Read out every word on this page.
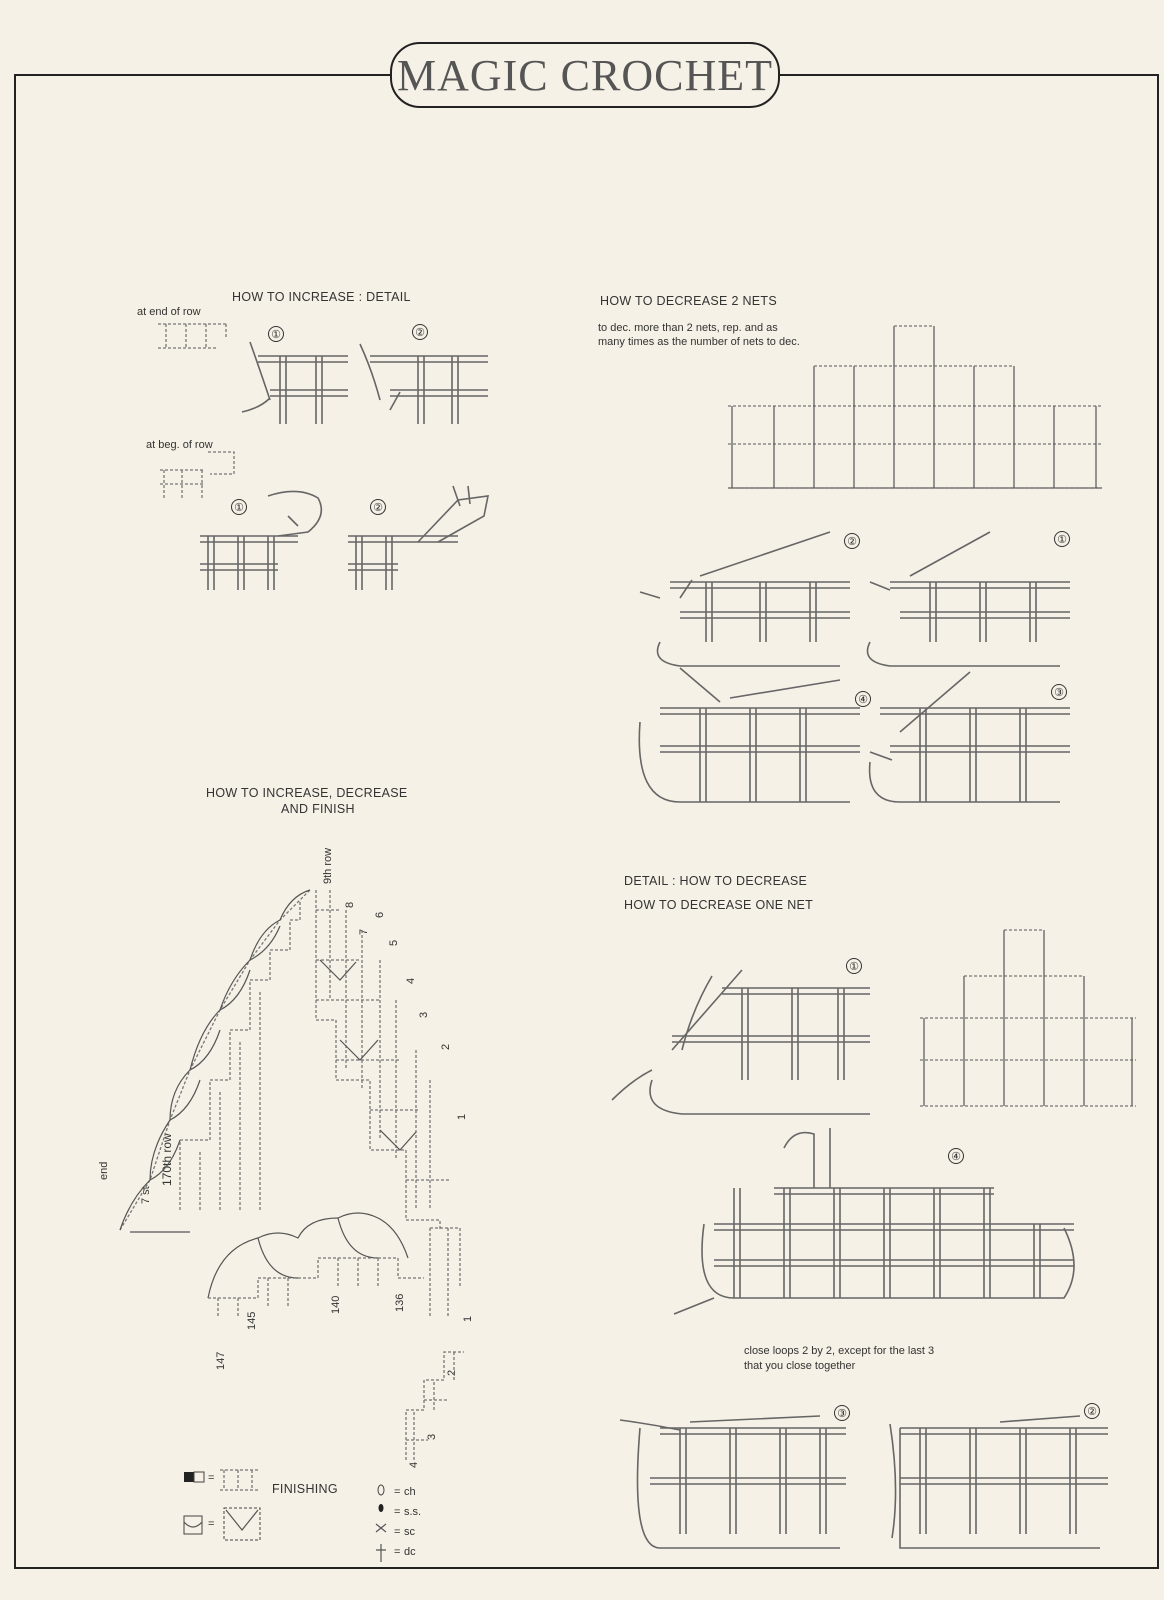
MAGIC CROCHET
HOW TO INCREASE : DETAIL
at end of row
at beg. of row
①	②
①	②
HOW TO DECREASE 2 NETS
to dec. more than 2 nets, rep. and as
many times as the number of nets to dec.
②	①
④
③
HOW TO INCREASE, DECREASE
AND FINISH
9th row
170th row
end
7 st
8
7
6
5
4
3
2
1
147
145
140	136
4
3
2
1
=
=
FINISHING	= ch
= s.s.
= sc
= dc
DETAIL : HOW TO DECREASE
HOW TO DECREASE ONE NET
①
④
③	②
close loops 2 by 2, except for the last 3
that you close together
